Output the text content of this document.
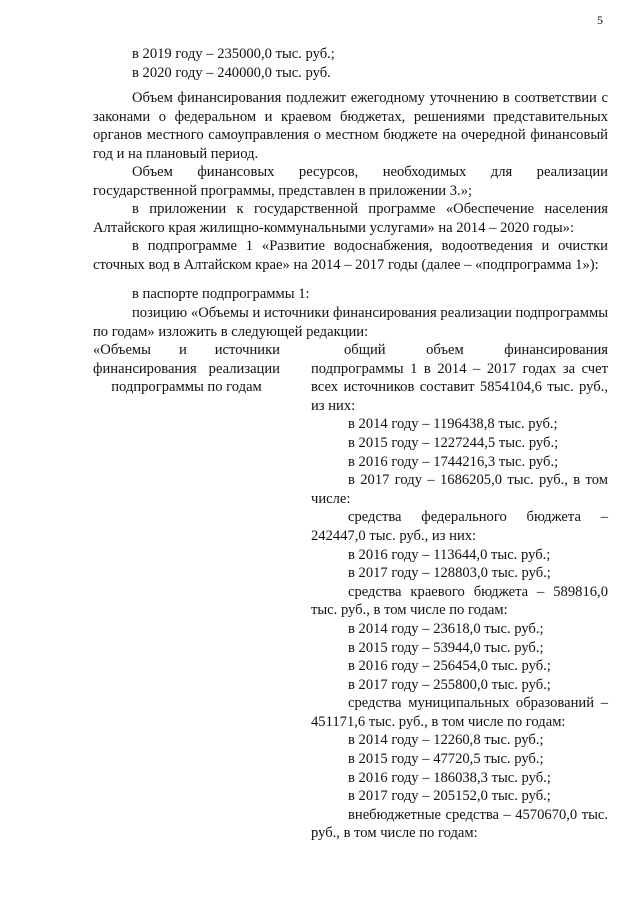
5
в 2019 году – 235000,0 тыс. руб.;
в 2020 году – 240000,0 тыс. руб.
Объем финансирования подлежит ежегодному уточнению в соответствии с законами о федеральном и краевом бюджетах, решениями представительных органов местного самоуправления о местном бюджете на очередной финансовый год и на плановый период.
Объем финансовых ресурсов, необходимых для реализации государственной программы, представлен в приложении 3.»;
в приложении к государственной программе «Обеспечение населения Алтайского края жилищно-коммунальными услугами» на 2014 – 2020 годы»:
в подпрограмме 1 «Развитие водоснабжения, водоотведения и очистки сточных вод в Алтайском крае» на 2014 – 2017 годы (далее – «подпрограмма 1»):
в паспорте подпрограммы 1:
позицию «Объемы и источники финансирования реализации подпрограммы по годам» изложить в следующей редакции:
«Объемы и источники финансирования реализации подпрограммы по годам
общий объем финансирования подпрограммы 1 в 2014 – 2017 годах за счет всех источников составит 5854104,6 тыс. руб., из них:
в 2014 году – 1196438,8 тыс. руб.;
в 2015 году – 1227244,5 тыс. руб.;
в 2016 году – 1744216,3 тыс. руб.;
в 2017 году – 1686205,0 тыс. руб., в том числе:
средства федерального бюджета – 242447,0 тыс. руб., из них:
в 2016 году – 113644,0 тыс. руб.;
в 2017 году – 128803,0 тыс. руб.;
средства краевого бюджета – 589816,0 тыс. руб., в том числе по годам:
в 2014 году – 23618,0 тыс. руб.;
в 2015 году – 53944,0 тыс. руб.;
в 2016 году – 256454,0 тыс. руб.;
в 2017 году – 255800,0 тыс. руб.;
средства муниципальных образований – 451171,6 тыс. руб., в том числе по годам:
в 2014 году – 12260,8 тыс. руб.;
в 2015 году – 47720,5 тыс. руб.;
в 2016 году – 186038,3 тыс. руб.;
в 2017 году – 205152,0 тыс. руб.;
внебюджетные средства – 4570670,0 тыс. руб., в том числе по годам:
